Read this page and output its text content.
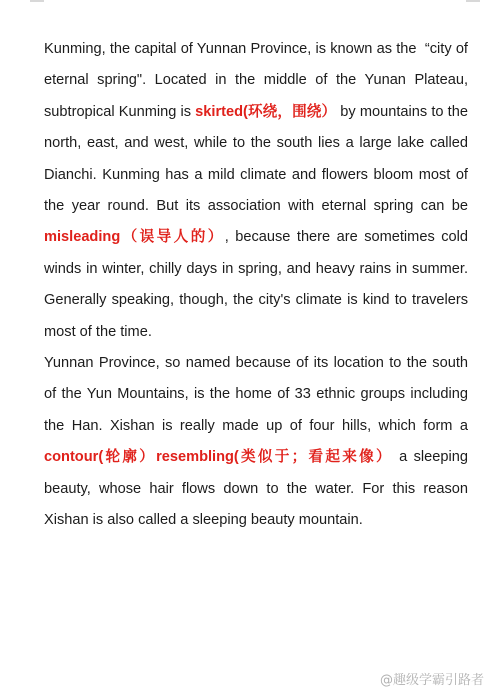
Kunming, the capital of Yunnan Province, is known as the  “city of eternal spring". Located in the middle of the Yunan Plateau, subtropical Kunming is skirted(环绕，围绕） by mountains to the north, east, and west, while to the south lies a large lake called Dianchi. Kunming has a mild climate and flowers bloom most of the year round. But its association with eternal spring can be misleading（误导人的）, because there are sometimes cold winds in winter, chilly days in spring, and heavy rains in summer. Generally speaking, though, the city's climate is kind to travelers most of the time.

Yunnan Province, so named because of its location to the south of the Yun Mountains, is the home of 33 ethnic groups including the Han. Xishan is really made up of four hills, which form a contour(轮廓）resembling(类似于；看起来像） a sleeping beauty, whose hair flows down to the water. For this reason Xishan is also called a sleeping beauty mountain.

@趣级学霸引路者
